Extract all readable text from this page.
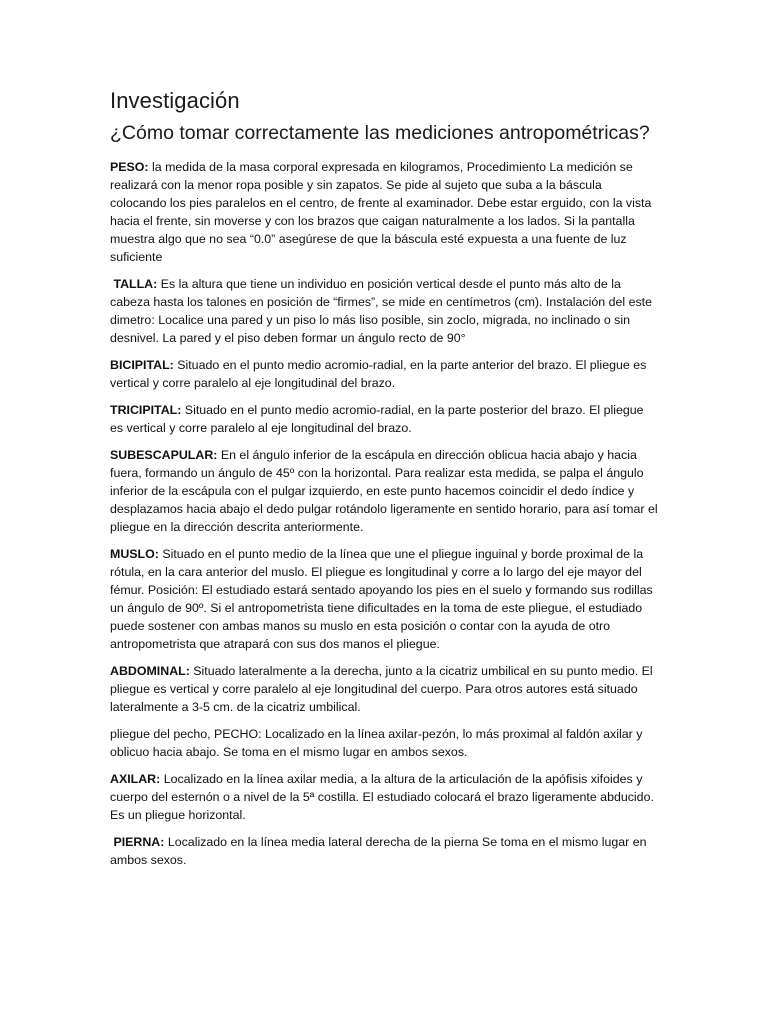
Investigación
¿Cómo tomar correctamente las mediciones antropométricas?

PESO: la medida de la masa corporal expresada en kilogramos, Procedimiento La medición se realizará con la menor ropa posible y sin zapatos. Se pide al sujeto que suba a la báscula colocando los pies paralelos en el centro, de frente al examinador. Debe estar erguido, con la vista hacia el frente, sin moverse y con los brazos que caigan naturalmente a los lados. Si la pantalla muestra algo que no sea “0.0” asegúrese de que la báscula esté expuesta a una fuente de luz suficiente

TALLA: Es la altura que tiene un individuo en posición vertical desde el punto más alto de la cabeza hasta los talones en posición de “firmes”, se mide en centímetros (cm). Instalación del este dimetro: Localice una pared y un piso lo más liso posible, sin zoclo, migrada, no inclinado o sin desnivel. La pared y el piso deben formar un ángulo recto de 90°

BICIPITAL: Situado en el punto medio acromio-radial, en la parte anterior del brazo. El pliegue es vertical y corre paralelo al eje longitudinal del brazo.

TRICIPITAL: Situado en el punto medio acromio-radial, en la parte posterior del brazo. El pliegue es vertical y corre paralelo al eje longitudinal del brazo.

SUBESCAPULAR: En el ángulo inferior de la escápula en dirección oblicua hacia abajo y hacia fuera, formando un ángulo de 45º con la horizontal. Para realizar esta medida, se palpa el ángulo inferior de la escápula con el pulgar izquierdo, en este punto hacemos coincidir el dedo índice y desplazamos hacia abajo el dedo pulgar rotándolo ligeramente en sentido horario, para así tomar el pliegue en la dirección descrita anteriormente.

MUSLO: Situado en el punto medio de la línea que une el pliegue inguinal y borde proximal de la rótula, en la cara anterior del muslo. El pliegue es longitudinal y corre a lo largo del eje mayor del fémur. Posición: El estudiado estará sentado apoyando los pies en el suelo y formando sus rodillas un ángulo de 90º. Si el antropometrista tiene dificultades en la toma de este pliegue, el estudiado puede sostener con ambas manos su muslo en esta posición o contar con la ayuda de otro antropometrista que atrapará con sus dos manos el pliegue.

ABDOMINAL: Situado lateralmente a la derecha, junto a la cicatriz umbilical en su punto medio. El pliegue es vertical y corre paralelo al eje longitudinal del cuerpo. Para otros autores está situado lateralmente a 3-5 cm. de la cicatriz umbilical.

pliegue del pecho, PECHO: Localizado en la línea axilar-pezón, lo más proximal al faldón axilar y oblicuo hacia abajo. Se toma en el mismo lugar en ambos sexos.

AXILAR: Localizado en la línea axilar media, a la altura de la articulación de la apófisis xifoides y cuerpo del esternón o a nivel de la 5ª costilla. El estudiado colocará el brazo ligeramente abducido. Es un pliegue horizontal.

PIERNA: Localizado en la línea media lateral derecha de la pierna Se toma en el mismo lugar en ambos sexos.
